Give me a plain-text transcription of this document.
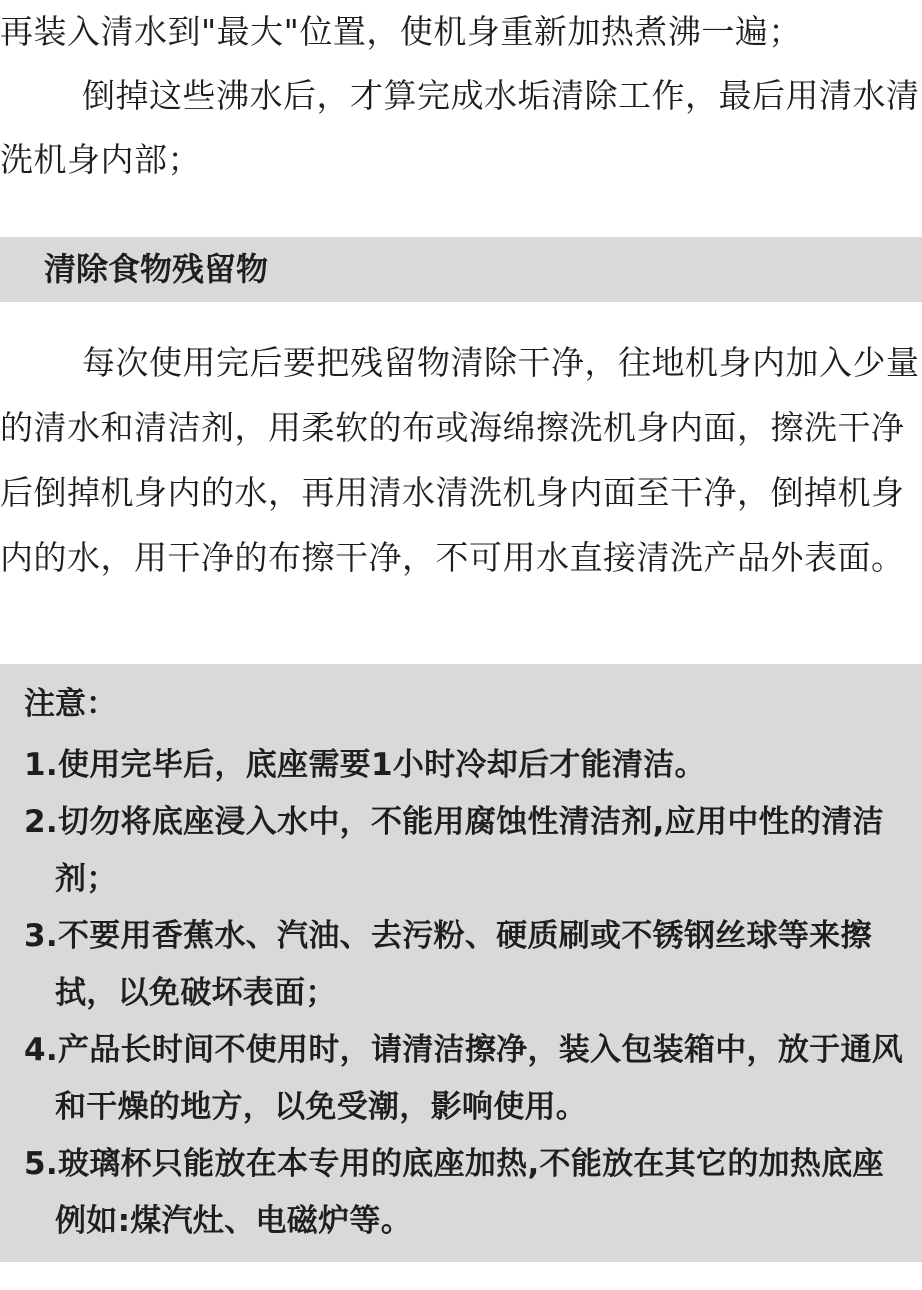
再装入清水到"最大"位置，使机身重新加热煮沸一遍；

倒掉这些沸水后，才算完成水垢清除工作，最后用清水清洗机身内部；

清除食物残留物

每次使用完后要把残留物清除干净，往地机身内加入少量的清水和清洁剂，用柔软的布或海绵擦洗机身内面，擦洗干净后倒掉机身内的水，再用清水清洗机身内面至干净，倒掉机身内的水，用干净的布擦干净，不可用水直接清洗产品外表面。

注意：
1.使用完毕后，底座需要1小时冷却后才能清洁。
2.切勿将底座浸入水中，不能用腐蚀性清洁剂,应用中性的清洁剂；
3.不要用香蕉水、汽油、去污粉、硬质刷或不锈钢丝球等来擦拭，以免破坏表面；
4.产品长时间不使用时，请清洁擦净，装入包装箱中，放于通风和干燥的地方，以免受潮，影响使用。
5.玻璃杯只能放在本专用的底座加热,不能放在其它的加热底座例如:煤汽灶、电磁炉等。
